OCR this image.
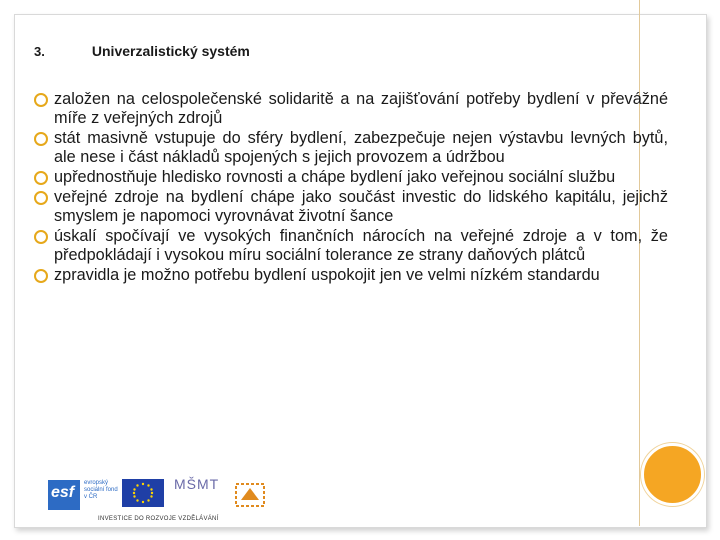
3.	Univerzalistický systém
založen na celospolečenské solidaritě a na zajišťování potřeby bydlení v převážné míře z veřejných zdrojů
stát masivně vstupuje do sféry bydlení, zabezpečuje nejen výstavbu levných bytů, ale nese i část nákladů spojených s jejich provozem a údržbou
upřednostňuje hledisko rovnosti a chápe bydlení jako veřejnou sociální službu
veřejné zdroje na bydlení chápe jako součást investic do lidského kapitálu, jejichž smyslem je napomoci vyrovnávat životní šance
úskalí spočívají ve vysokých finančních nárocích na veřejné zdroje a v tom, že předpokládají i vysokou míru sociální tolerance ze strany daňových plátců
zpravidla je možno potřebu bydlení uspokojit jen ve velmi nízkém standardu
esf
evropský sociální fond v ČR
MŠMT
INVESTICE DO ROZVOJE VZDĚLÁVÁNÍ
